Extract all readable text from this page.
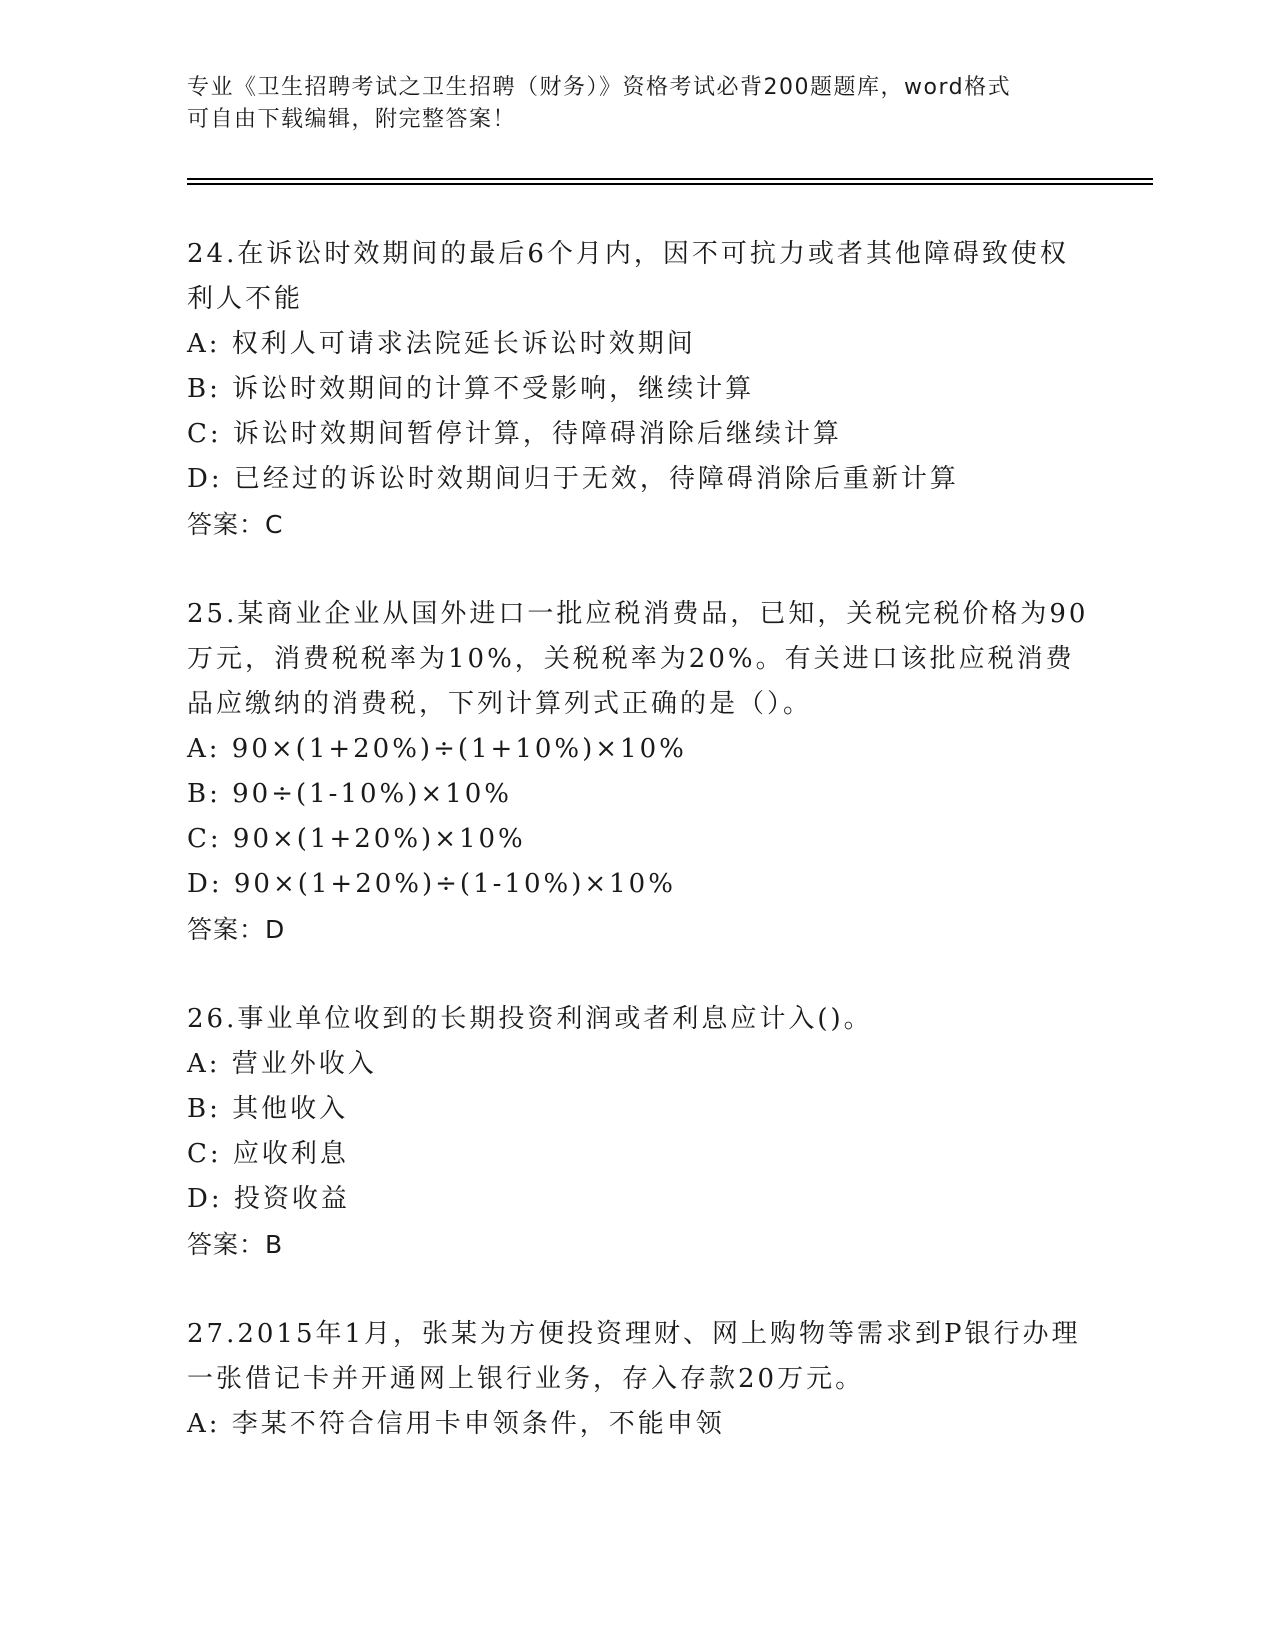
专业《卫生招聘考试之卫生招聘（财务）》资格考试必背200题题库，word格式
可自由下载编辑，附完整答案！
24.在诉讼时效期间的最后6个月内，因不可抗力或者其他障碍致使权
利人不能
A: 权利人可请求法院延长诉讼时效期间
B: 诉讼时效期间的计算不受影响，继续计算
C: 诉讼时效期间暂停计算，待障碍消除后继续计算
D: 已经过的诉讼时效期间归于无效，待障碍消除后重新计算
答案：C
25.某商业企业从国外进口一批应税消费品，已知，关税完税价格为90
万元，消费税税率为10%，关税税率为20%。有关进口该批应税消费
品应缴纳的消费税，下列计算列式正确的是（）。
A: 90×(1+20%)÷(1+10%)×10%
B: 90÷(1-10%)×10%
C: 90×(1+20%)×10%
D: 90×(1+20%)÷(1-10%)×10%
答案：D
26.事业单位收到的长期投资利润或者利息应计入()。
A: 营业外收入
B: 其他收入
C: 应收利息
D: 投资收益
答案：B
27.2015年1月，张某为方便投资理财、网上购物等需求到P银行办理
一张借记卡并开通网上银行业务，存入存款20万元。
A: 李某不符合信用卡申领条件，不能申领
